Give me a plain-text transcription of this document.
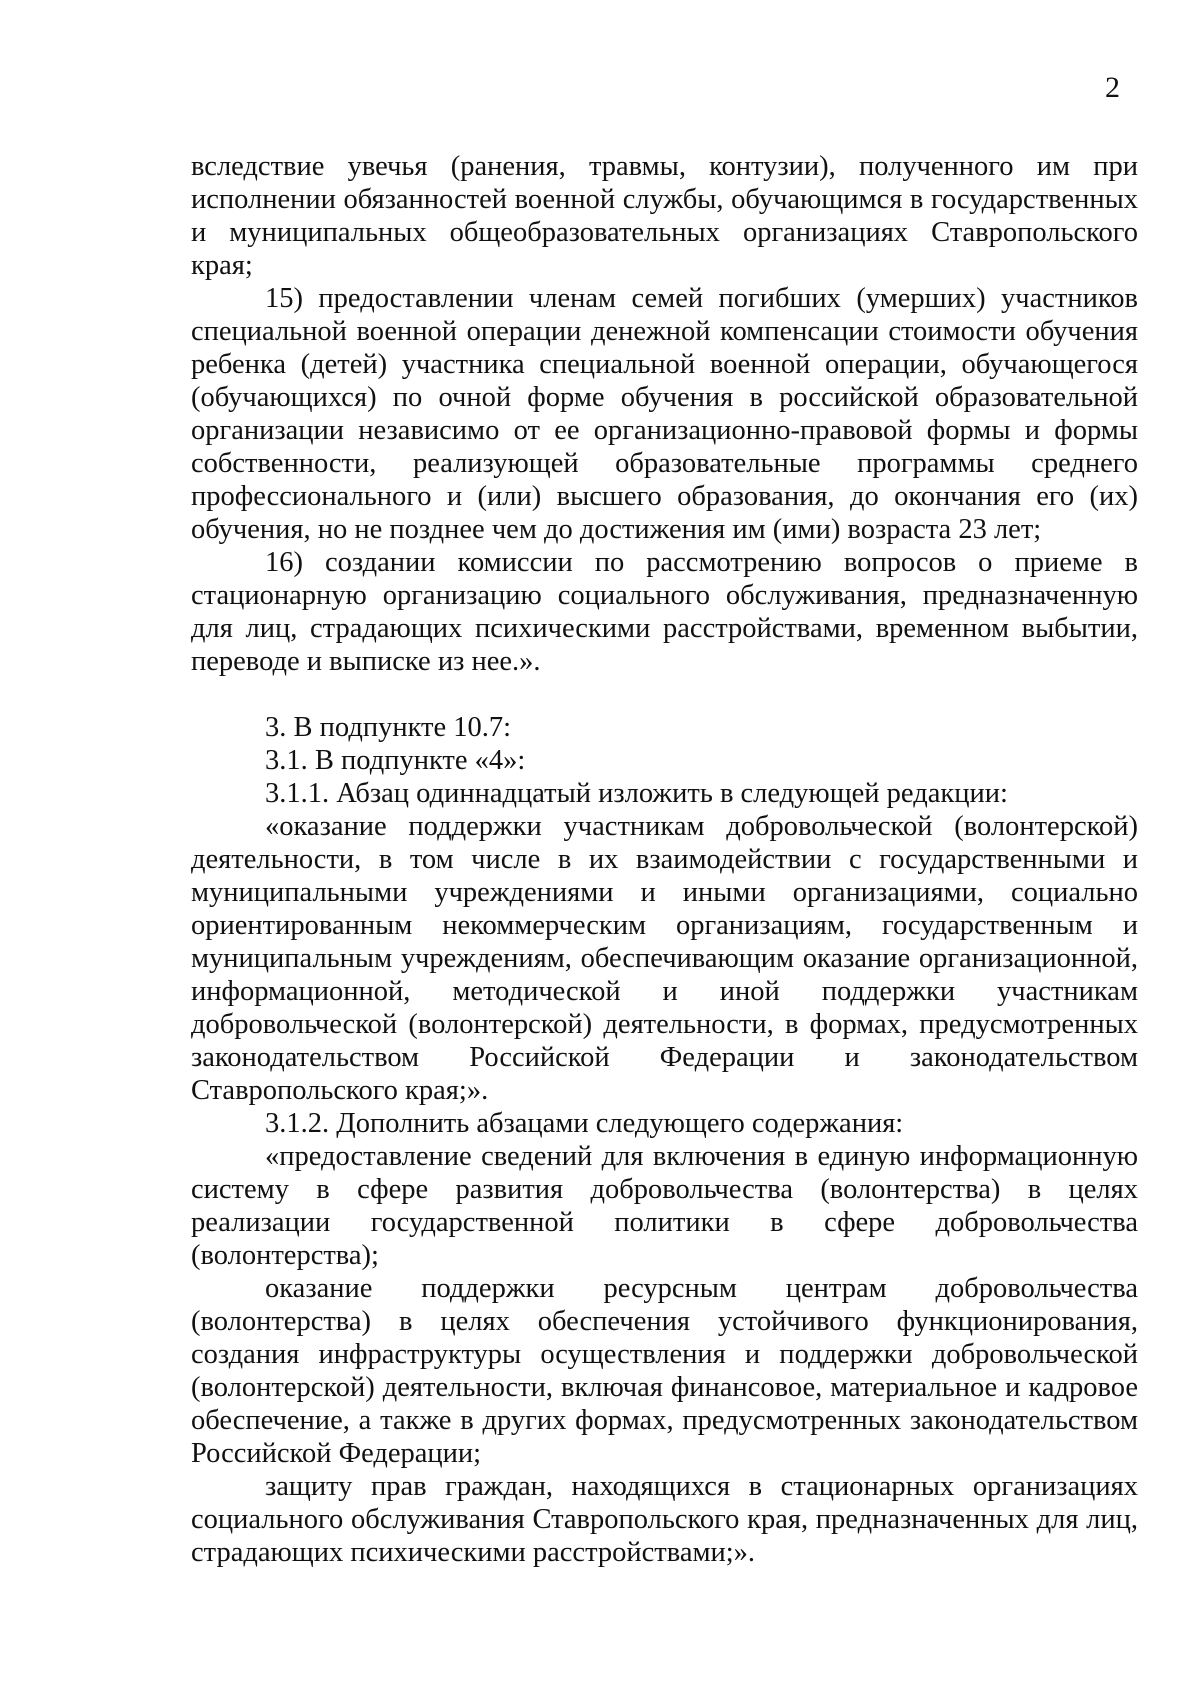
2

вследствие увечья (ранения, травмы, контузии), полученного им при исполнении обязанностей военной службы, обучающимся в государственных и муниципальных общеобразовательных организациях Ставропольского края;

15) предоставлении членам семей погибших (умерших) участников специальной военной операции денежной компенсации стоимости обучения ребенка (детей) участника специальной военной операции, обучающегося (обучающихся) по очной форме обучения в российской образовательной организации независимо от ее организационно-правовой формы и формы собственности, реализующей образовательные программы среднего профессионального и (или) высшего образования, до окончания его (их) обучения, но не позднее чем до достижения им (ими) возраста 23 лет;

16) создании комиссии по рассмотрению вопросов о приеме в стационарную организацию социального обслуживания, предназначенную для лиц, страдающих психическими расстройствами, временном выбытии, переводе и выписке из нее.».

3. В подпункте 10.7:

3.1. В подпункте «4»:

3.1.1. Абзац одиннадцатый изложить в следующей редакции:

«оказание поддержки участникам добровольческой (волонтерской) деятельности, в том числе в их взаимодействии с государственными и муниципальными учреждениями и иными организациями, социально ориентированным некоммерческим организациям, государственным и муниципальным учреждениям, обеспечивающим оказание организационной, информационной, методической и иной поддержки участникам добровольческой (волонтерской) деятельности, в формах, предусмотренных законодательством Российской Федерации и законодательством Ставропольского края;».

3.1.2. Дополнить абзацами следующего содержания:

«предоставление сведений для включения в единую информационную систему в сфере развития добровольчества (волонтерства) в целях реализации государственной политики в сфере добровольчества (волонтерства);

оказание поддержки ресурсным центрам добровольчества (волонтерства) в целях обеспечения устойчивого функционирования, создания инфраструктуры осуществления и поддержки добровольческой (волонтерской) деятельности, включая финансовое, материальное и кадровое обеспечение, а также в других формах, предусмотренных законодательством Российской Федерации;

защиту прав граждан, находящихся в стационарных организациях социального обслуживания Ставропольского края, предназначенных для лиц, страдающих психическими расстройствами;».
